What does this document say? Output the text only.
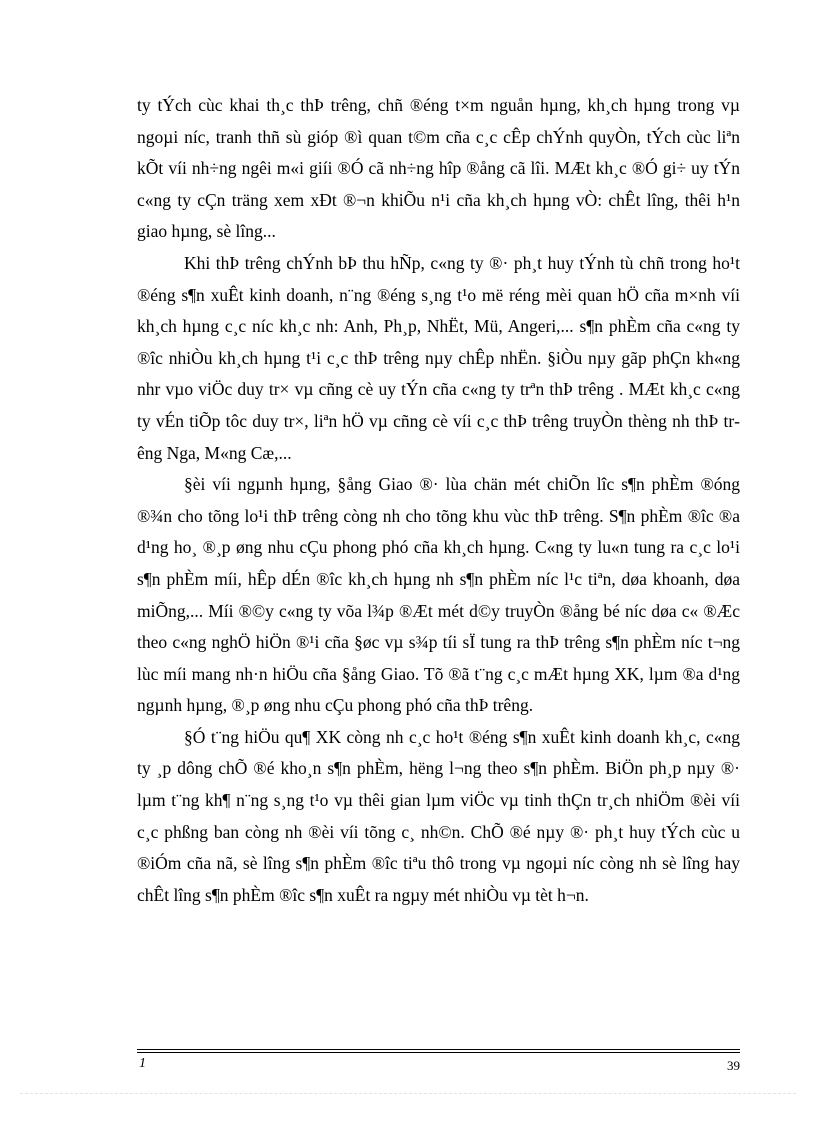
ty tÝch cùc khai th¸c thÞ trêng, chñ ®éng t×m nguån hµng, kh¸ch hµng trong vµ ngoµi níc, tranh thñ sù gióp ®ì quan t©m cña c¸c cÊp chÝnh quyÒn, tÝch cùc liªn kÕt víi nh÷ng ngêi m«i giíi ®Ó cã nh÷ng hîp ®ång cã lîi. MÆt kh¸c ®Ó gi÷ uy tÝn c«ng ty cÇn träng xem xÐt ®¬n khiÕu n¹i cña kh¸ch hµng vÒ: chÊt lîng, thêi h¹n giao hµng, sè lîng...

Khi thÞ trêng chÝnh bÞ thu hÑp, c«ng ty ®· ph¸t huy tÝnh tù chñ trong ho¹t ®éng s¶n xuÊt kinh doanh, n¨ng ®éng s¸ng t¹o më réng mèi quan hÖ cña m×nh víi kh¸ch hµng c¸c níc kh¸c nh: Anh, Ph¸p, NhËt, Mü, Angeri,... s¶n phÈm cña c«ng ty ®îc nhiÒu kh¸ch hµng t¹i c¸c thÞ trêng nµy chÊp nhËn. §iÒu nµy gãp phÇn kh«ng nhr vµo viÖc duy tr× vµ cñng cè uy tÝn cña c«ng ty trªn thÞ trêng . MÆt kh¸c c«ng ty vÉn tiÕp tôc duy tr×, liªn hÖ vµ cñng cè víi c¸c thÞ trêng truyÒn thèng nh thÞ trêng Nga, M«ng Cæ,...

§èi víi ngµnh hµng, §ång Giao ®· lùa chän mét chiÕn lîc s¶n phÈm ®óng ®¾n cho tõng lo¹i thÞ trêng còng nh cho tõng khu vùc thÞ trêng. S¶n phÈm ®îc ®a d¹ng ho¸ ®¸p øng nhu cÇu phong phó cña kh¸ch hµng. C«ng ty lu«n tung ra c¸c lo¹i s¶n phÈm míi, hÊp dÉn ®îc kh¸ch hµng nh s¶n phÈm níc l¹c tiªn, døa khoanh, døa miÕng,... Míi ®©y c«ng ty võa l¾p ®Æt mét d©y truyÒn ®ång bé níc døa c« ®Æc theo c«ng nghÖ hiÖn ®¹i cña §øc vµ s¾p tíi sÏ tung ra thÞ trêng s¶n phÈm níc t¬ng lùc míi mang nh·n hiÖu cña §ång Giao. Tõ ®ã t¨ng c¸c mÆt hµng XK, lµm ®a d¹ng ngµnh hµng, ®¸p øng nhu cÇu phong phó cña thÞ trêng.

§Ó t¨ng hiÖu qu¶ XK còng nh c¸c ho¹t ®éng s¶n xuÊt kinh doanh kh¸c, c«ng ty ¸p dông chÕ ®é kho¸n s¶n phÈm, hëng l¬ng theo s¶n phÈm. BiÖn ph¸p nµy ®· lµm t¨ng kh¶ n¨ng s¸ng t¹o vµ thêi gian lµm viÖc vµ tinh thÇn tr¸ch nhiÖm ®èi víi c¸c phßng ban còng nh ®èi víi tõng c¸ nh©n. ChÕ ®é nµy ®· ph¸t huy tÝch cùc u ®iÓm cña nã, sè lîng s¶n phÈm ®îc tiªu thô trong vµ ngoµi níc còng nh sè lîng hay chÊt lîng s¶n phÈm ®îc s¶n xuÊt ra ngµy mét nhiÒu vµ tèt h¬n.

1	39
